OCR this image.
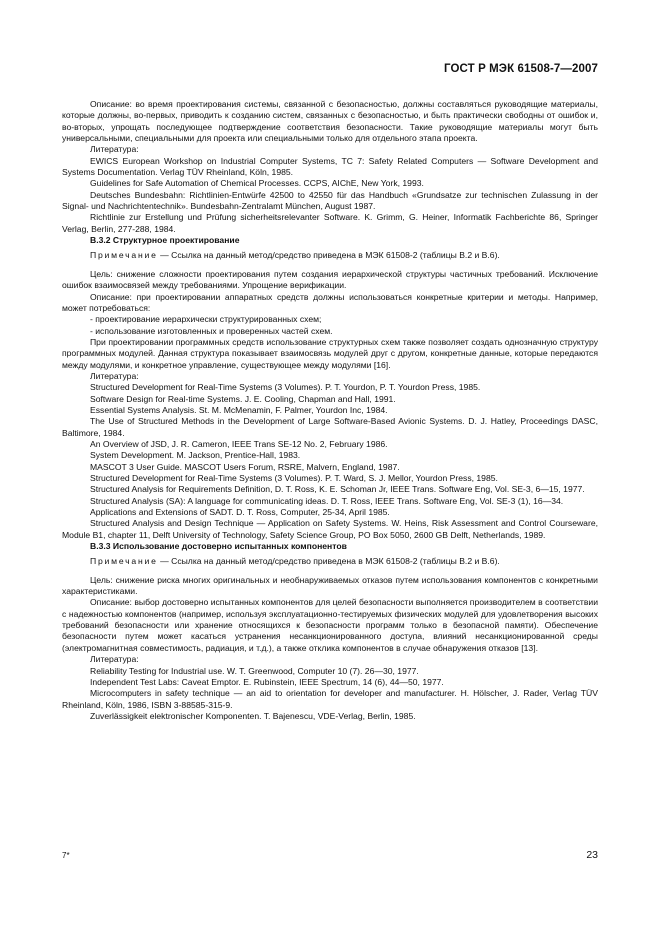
ГОСТ Р МЭК 61508-7—2007

Описание: во время проектирования системы, связанной с безопасностью, должны составляться руководящие материалы, которые должны, во-первых, приводить к созданию систем, связанных с безопасностью, и быть практически свободны от ошибок и, во-вторых, упрощать последующее подтверждение соответствия безопасности. Такие руководящие материалы могут быть универсальными, специальными для проекта или специальными только для отдельного этапа проекта.

Литература:

EWICS European Workshop on Industrial Computer Systems, TC 7: Safety Related Computers — Software Development and Systems Documentation. Verlag TÜV Rheinland, Köln, 1985.

Guidelines for Safe Automation of Chemical Processes. CCPS, AIChE, New York, 1993.

Deutsches Bundesbahn: Richtlinien-Entwürfe 42500 to 42550 für das Handbuch «Grundsatze zur technischen Zulassung in der Signal- und Nachrichtentechnik». Bundesbahn-Zentralamt München, August 1987.

Richtlinie zur Erstellung und Prüfung sicherheitsrelevanter Software. K. Grimm, G. Heiner, Informatik Fachberichte 86, Springer Verlag, Berlin, 277-288, 1984.

В.3.2 Структурное проектирование

Примечание — Ссылка на данный метод/средство приведена в МЭК 61508-2 (таблицы В.2 и В.6).

Цель: снижение сложности проектирования путем создания иерархической структуры частичных требований. Исключение ошибок взаимосвязей между требованиями. Упрощение верификации.

Описание: при проектировании аппаратных средств должны использоваться конкретные критерии и методы. Например, может потребоваться:

- проектирование иерархически структурированных схем;

- использование изготовленных и проверенных частей схем.

При проектировании программных средств использование структурных схем также позволяет создать однозначную структуру программных модулей. Данная структура показывает взаимосвязь модулей друг с другом, конкретные данные, которые передаются между модулями, и конкретное управление, существующее между модулями [16].

Литература:

Structured Development for Real-Time Systems (3 Volumes). P. T. Yourdon, P. T. Yourdon Press, 1985.

Software Design for Real-time Systems. J. E. Cooling, Chapman and Hall, 1991.

Essential Systems Analysis. St. M. McMenamin, F. Palmer, Yourdon Inc, 1984.

The Use of Structured Methods in the Development of Large Software-Based Avionic Systems. D. J. Hatley, Proceedings DASC, Baltimore, 1984.

An Overview of JSD, J. R. Cameron, IEEE Trans SE-12 No. 2, February 1986.

System Development. M. Jackson, Prentice-Hall, 1983.

MASCOT 3 User Guide. MASCOT Users Forum, RSRE, Malvern, England, 1987.

Structured Development for Real-Time Systems (3 Volumes). P. T. Ward, S. J. Mellor, Yourdon Press, 1985.

Structured Analysis for Requirements Definition, D. T. Ross, K. E. Schoman Jr, IEEE Trans. Software Eng, Vol. SE-3, 6—15, 1977.

Structured Analysis (SA): A language for communicating ideas. D. T. Ross, IEEE Trans. Software Eng, Vol. SE-3 (1), 16—34.

Applications and Extensions of SADT. D. T. Ross, Computer, 25-34, April 1985.

Structured Analysis and Design Technique — Application on Safety Systems. W. Heins, Risk Assessment and Control Courseware, Module B1, chapter 11, Delft University of Technology, Safety Science Group, PO Box 5050, 2600 GB Delft, Netherlands, 1989.

В.3.3 Использование достоверно испытанных компонентов

Примечание — Ссылка на данный метод/средство приведена в МЭК 61508-2 (таблицы В.2 и В.6).

Цель: снижение риска многих оригинальных и необнаруживаемых отказов путем использования компонентов с конкретными характеристиками.

Описание: выбор достоверно испытанных компонентов для целей безопасности выполняется производителем в соответствии с надежностью компонентов (например, используя эксплуатационно-тестируемых физических модулей для удовлетворения высоких требований безопасности или хранение относящихся к безопасности программ только в безопасной памяти). Обеспечение безопасности путем может касаться устранения несанкционированного доступа, влияний несанкционированной среды (электромагнитная совместимость, радиация, и т.д.), а также отклика компонентов в случае обнаружения отказов [13].

Литература:

Reliability Testing for Industrial use. W. T. Greenwood, Computer 10 (7). 26—30, 1977.

Independent Test Labs: Caveat Emptor. E. Rubinstein, IEEE Spectrum, 14 (6), 44—50, 1977.

Microcomputers in safety technique — an aid to orientation for developer and manufacturer. H. Hölscher, J. Rader, Verlag TÜV Rheinland, Köln, 1986, ISBN 3-88585-315-9.

Zuverlässigkeit elektronischer Komponenten. T. Bajenescu, VDE-Verlag, Berlin, 1985.

7*	23
